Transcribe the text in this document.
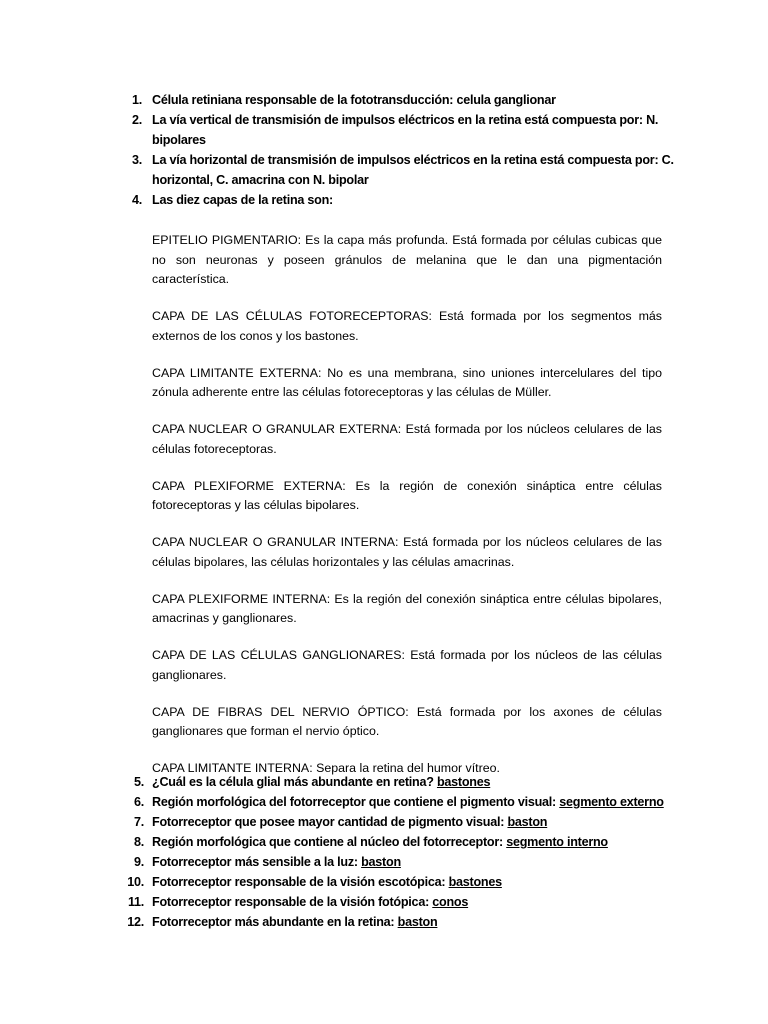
1. Célula retiniana responsable de la fototransducción: celula ganglionar
2. La vía vertical de transmisión de impulsos eléctricos en la retina está compuesta por: N. bipolares
3. La vía horizontal de transmisión de impulsos eléctricos en la retina está compuesta por: C. horizontal, C. amacrina con N. bipolar
4. Las diez capas de la retina son:

EPITELIO PIGMENTARIO: Es la capa más profunda. Está formada por células cubicas que no son neuronas y poseen gránulos de melanina que le dan una pigmentación característica.

CAPA DE LAS CÉLULAS FOTORECEPTORAS: Está formada por los segmentos más externos de los conos y los bastones.

CAPA LIMITANTE EXTERNA: No es una membrana, sino uniones intercelulares del tipo zónula adherente entre las células fotoreceptoras y las células de Müller.

CAPA NUCLEAR O GRANULAR EXTERNA: Está formada por los núcleos celulares de las células fotoreceptoras.

CAPA PLEXIFORME EXTERNA: Es la región de conexión sináptica entre células fotoreceptoras y las células bipolares.

CAPA NUCLEAR O GRANULAR INTERNA: Está formada por los núcleos celulares de las células bipolares, las células horizontales y las células amacrinas.

CAPA PLEXIFORME INTERNA: Es la región del conexión sináptica entre células bipolares, amacrinas y ganglionares.

CAPA DE LAS CÉLULAS GANGLIONARES: Está formada por los núcleos de las células ganglionares.

CAPA DE FIBRAS DEL NERVIO ÓPTICO: Está formada por los axones de células ganglionares que forman el nervio óptico.

CAPA LIMITANTE INTERNA: Separa la retina del humor vítreo.

5. ¿Cuál es la célula glial más abundante en retina? bastones
6. Región morfológica del fotorreceptor que contiene el pigmento visual: segmento externo
7. Fotorreceptor que posee mayor cantidad de pigmento visual: baston
8. Región morfológica que contiene al núcleo del fotorreceptor: segmento interno
9. Fotorreceptor más sensible a la luz: baston
10. Fotorreceptor responsable de la visión escotópica: bastones
11. Fotorreceptor responsable de la visión fotópica: conos
12. Fotorreceptor más abundante en la retina: baston
